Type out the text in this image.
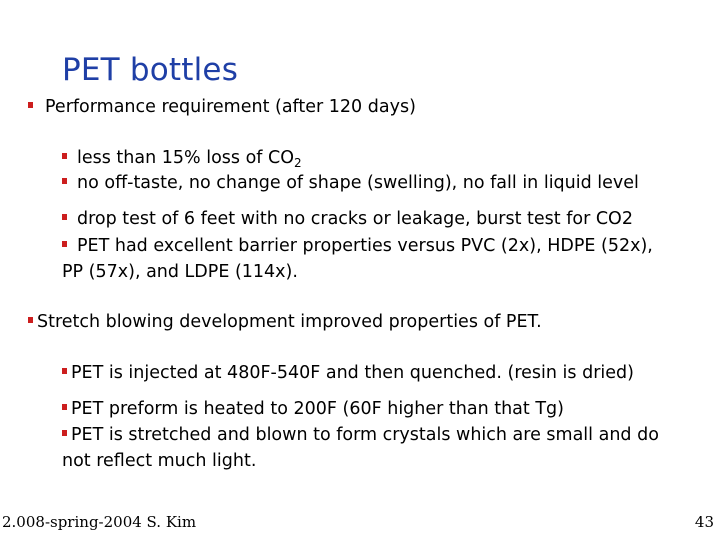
PET bottles
Performance requirement (after 120 days)
less than 15% loss of $CO_2$
no off-taste, no change of shape (swelling), no fall in liquid level
drop test of 6 feet with no cracks or leakage, burst test for CO2
PET had excellent barrier properties versus PVC (2x), HDPE (52x),
PP (57x), and LDPE (114x).
Stretch blowing development improved properties of PET.
PET is injected at 480F-540F and then quenched. (resin is dried)
PET preform is heated to 200F (60F higher than that Tg)
PET is stretched and blown to form crystals which are small and do
not reflect much light.
2.008-spring-2004 S. Kim	43
